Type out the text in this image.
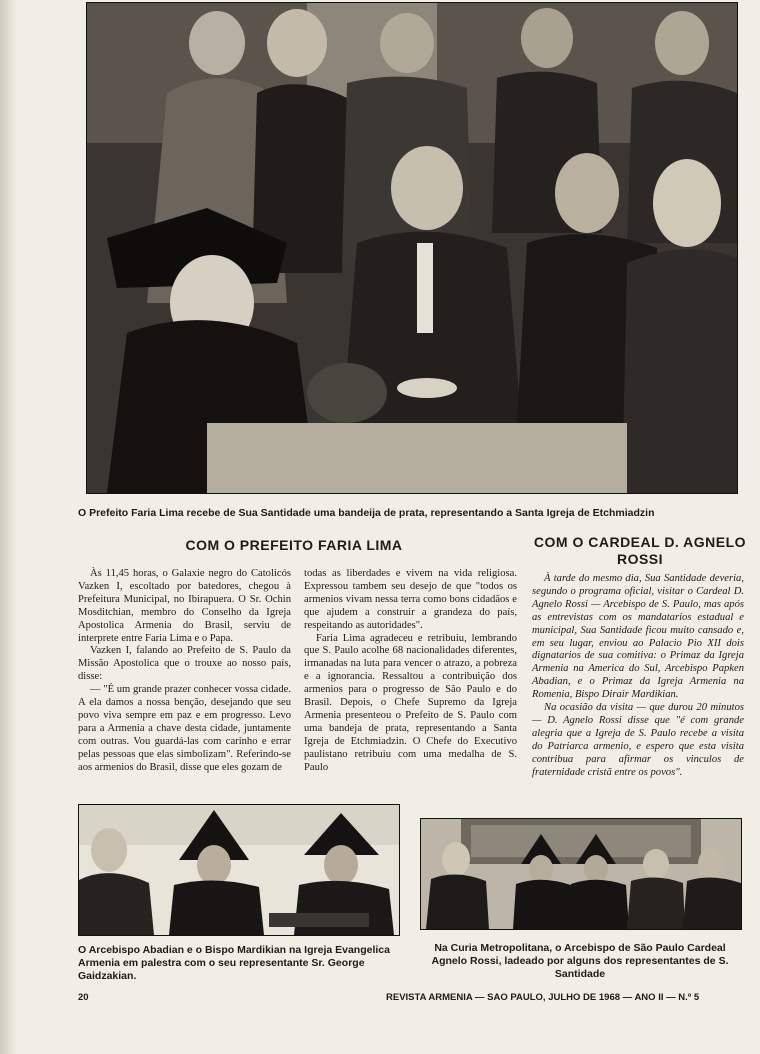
O Prefeito Faria Lima recebe de Sua Santidade uma bandeija de prata, representando a Santa Igreja de Etchmiadzin
COM O PREFEITO FARIA LIMA

Às 11,45 horas, o Galaxie negro do Catolicós Vazken I, escoltado por batedores, chegou à Prefeitura Municipal, no Ibirapuera. O Sr. Ochin Mosditchian, membro do Conselho da Igreja Apostolica Armenia do Brasil, serviu de interprete entre Faria Lima e o Papa.

Vazken I, falando ao Prefeito de S. Paulo da Missão Apostolica que o trouxe ao nosso país, disse:

— "É um grande prazer conhecer vossa cidade. A ela damos a nossa benção, desejando que seu povo viva sempre em paz e em progresso. Levo para a Armenia a chave desta cidade, juntamente com outras. Vou guardá-las com carinho e errar pelas pessoas que elas simbolizam". Referindo-se aos armenios do Brasil, disse que eles gozam de

todas as liberdades e vivem na vida religiosa. Expressou tambem seu desejo de que "todos os armenios vivam nessa terra como bons cidadãos e que ajudem a construir a grandeza do país, respeitando as autoridades".

Faria Lima agradeceu e retribuiu, lembrando que S. Paulo acolhe 68 nacionalidades diferentes, irmanadas na luta para vencer o atrazo, a pobreza e a ignorancia. Ressaltou a contribuição dos armenios para o progresso de São Paulo e do Brasil. Depois, o Chefe Supremo da Igreja Armenia presenteou o Prefeito de S. Paulo com uma bandeja de prata, representando a Santa Igreja de Etchmiadzin. O Chefe do Executivo paulistano retribuiu com uma medalha de S. Paulo

COM O CARDEAL D. AGNELO ROSSI

À tarde do mesmo dia, Sua Santidade deveria, segundo o programa oficial, visitar o Cardeal D. Agnelo Rossi — Arcebispo de S. Paulo, mas após as entrevistas com os mandatarios estadual e municipal, Sua Santidade ficou muito cansado e, em seu lugar, enviou ao Palacio Pio XII dois dignatarios de sua comitiva: o Primaz da Igreja Armenia na America do Sul, Arcebispo Papken Abadian, e o Primaz da Igreja Armenia na Romenia, Bispo Dirair Mardikian.

Na ocasião da visita — que durou 20 minutos — D. Agnelo Rossi disse que "é com grande alegria que a Igreja de S. Paulo recebe a visita do Patriarca armenio, e espero que esta visita contribua para afirmar os vinculos de fraternidade cristã entre os povos".

O Arcebispo Abadian e o Bispo Mardikian na Igreja Evangelica Armenia em palestra com o seu representante Sr. George Gaidzakian.
Na Curia Metropolitana, o Arcebispo de São Paulo Cardeal Agnelo Rossi, ladeado por alguns dos representantes de S. Santidade
20	REVISTA ARMENIA — SAO PAULO, JULHO DE 1968 — ANO II — N.º 5
